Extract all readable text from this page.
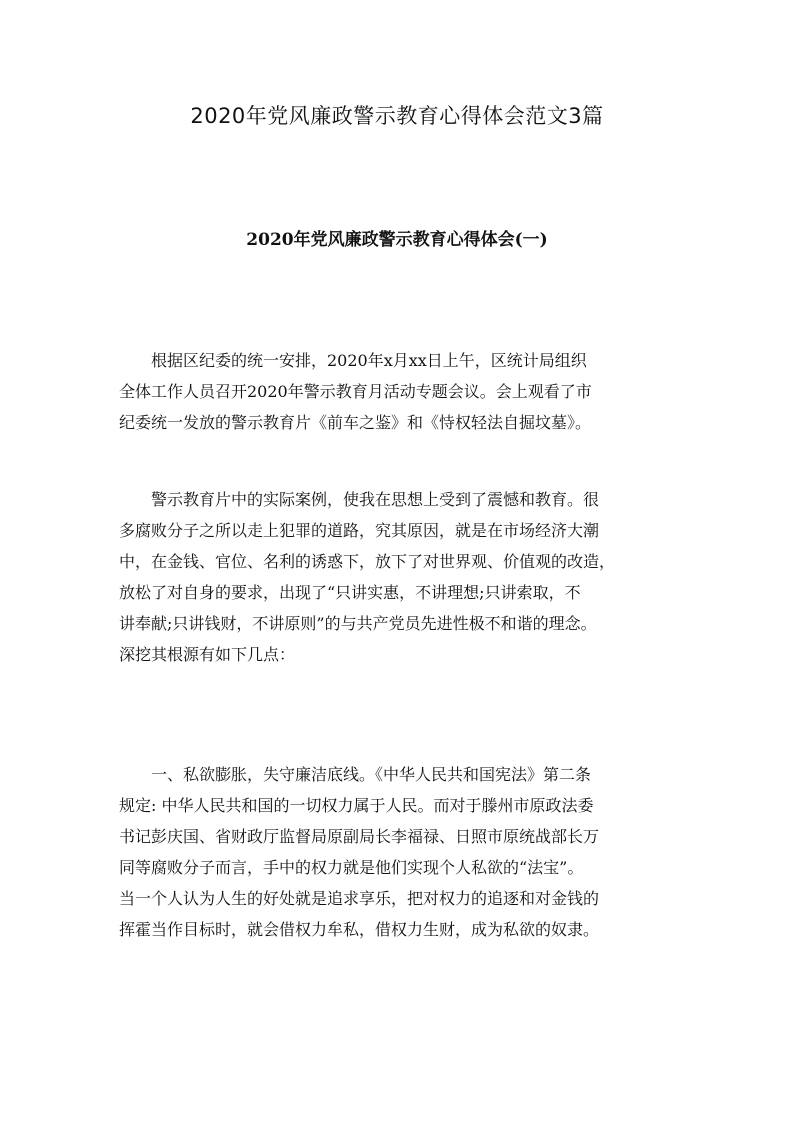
2020年党风廉政警示教育心得体会范文3篇
2020年党风廉政警示教育心得体会(一)
　　根据区纪委的统一安排，2020年x月xx日上午，区统计局组织
全体工作人员召开2020年警示教育月活动专题会议。会上观看了市
纪委统一发放的警示教育片《前车之鉴》和《恃权轻法自掘坟墓》。
　　警示教育片中的实际案例，使我在思想上受到了震憾和教育。很
多腐败分子之所以走上犯罪的道路，究其原因，就是在市场经济大潮
中，在金钱、官位、名利的诱惑下，放下了对世界观、价值观的改造，
放松了对自身的要求，出现了“只讲实惠，不讲理想;只讲索取，不
讲奉献;只讲钱财，不讲原则”的与共产党员先进性极不和谐的理念。
深挖其根源有如下几点：
　　一、私欲膨胀，失守廉洁底线。《中华人民共和国宪法》第二条
规定: 中华人民共和国的一切权力属于人民。而对于滕州市原政法委
书记彭庆国、省财政厅监督局原副局长李福禄、日照市原统战部长万
同等腐败分子而言，手中的权力就是他们实现个人私欲的“法宝”。
当一个人认为人生的好处就是追求享乐，把对权力的追逐和对金钱的
挥霍当作目标时，就会借权力牟私，借权力生财，成为私欲的奴隶。
